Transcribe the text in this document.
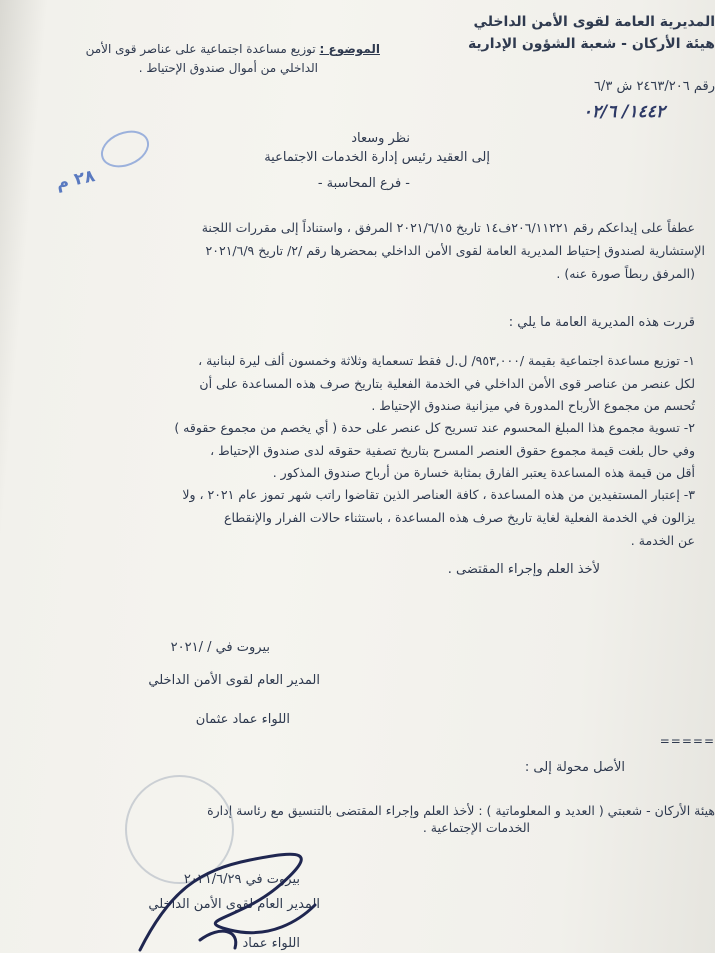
المديرية العامة لقوى الأمن الداخلي
هيئة الأركان - شعبة الشؤون الإدارية
رقم ٢٤٦٣/٢٠٦ ش ٦/٣
١٤٤٢/ ٠٢/٦
الموضوع : توزيع مساعدة اجتماعية على عناصر قوى الأمن
الداخلي من أموال صندوق الإحتياط .
٢٨ م
نظر وسعاد
إلى العقيد رئيس إدارة الخدمات الاجتماعية
- فرع المحاسبة -
عطفاً على إيداعكم رقم ٢٠٦/١١٢٢١ف١٤ تاريخ ٢٠٢١/٦/١٥ المرفق ، واستناداً إلى مقررات اللجنة
الإستشارية لصندوق إحتياط المديرية العامة لقوى الأمن الداخلي بمحضرها رقم /٢/ تاريخ ٢٠٢١/٦/٩
(المرفق ربطاً صورة عنه) .
قررت هذه المديرية العامة ما يلي :
١- توزيع مساعدة اجتماعية بقيمة /٩٥٣,٠٠٠/ ل.ل فقط تسعماية وثلاثة وخمسون ألف ليرة لبنانية ،
لكل عنصر من عناصر قوى الأمن الداخلي في الخدمة الفعلية بتاريخ صرف هذه المساعدة على أن
تُحسم من مجموع الأرباح المدورة في ميزانية صندوق الإحتياط .
٢- تسوية مجموع هذا المبلغ المحسوم عند تسريح كل عنصر على حدة ( أي يخصم من مجموع حقوقه )
وفي حال بلغت قيمة مجموع حقوق العنصر المسرح بتاريخ تصفية حقوقه لدى صندوق الإحتياط ،
أقل من قيمة هذه المساعدة يعتبر الفارق بمثابة خسارة من أرباح صندوق المذكور .
٣- إعتبار المستفيدين من هذه المساعدة ، كافة العناصر الذين تقاضوا راتب شهر تموز عام ٢٠٢١ ، ولا
يزالون في الخدمة الفعلية لغاية تاريخ صرف هذه المساعدة ، باستثناء حالات الفرار والإنقطاع
عن الخدمة .
لأخذ العلم وإجراء المقتضى .
بيروت في / /٢٠٢١
المدير العام لقوى الأمن الداخلي
اللواء عماد عثمان
=====
الأصل محولة إلى :
هيئة الأركان - شعبتي ( العديد و المعلوماتية ) : لأخذ العلم وإجراء المقتضى بالتنسيق مع رئاسة إدارة
الخدمات الإجتماعية .
بيروت في ٢٠٢١/٦/٢٩
المدير العام لقوى الأمن الداخلي
اللواء عماد
